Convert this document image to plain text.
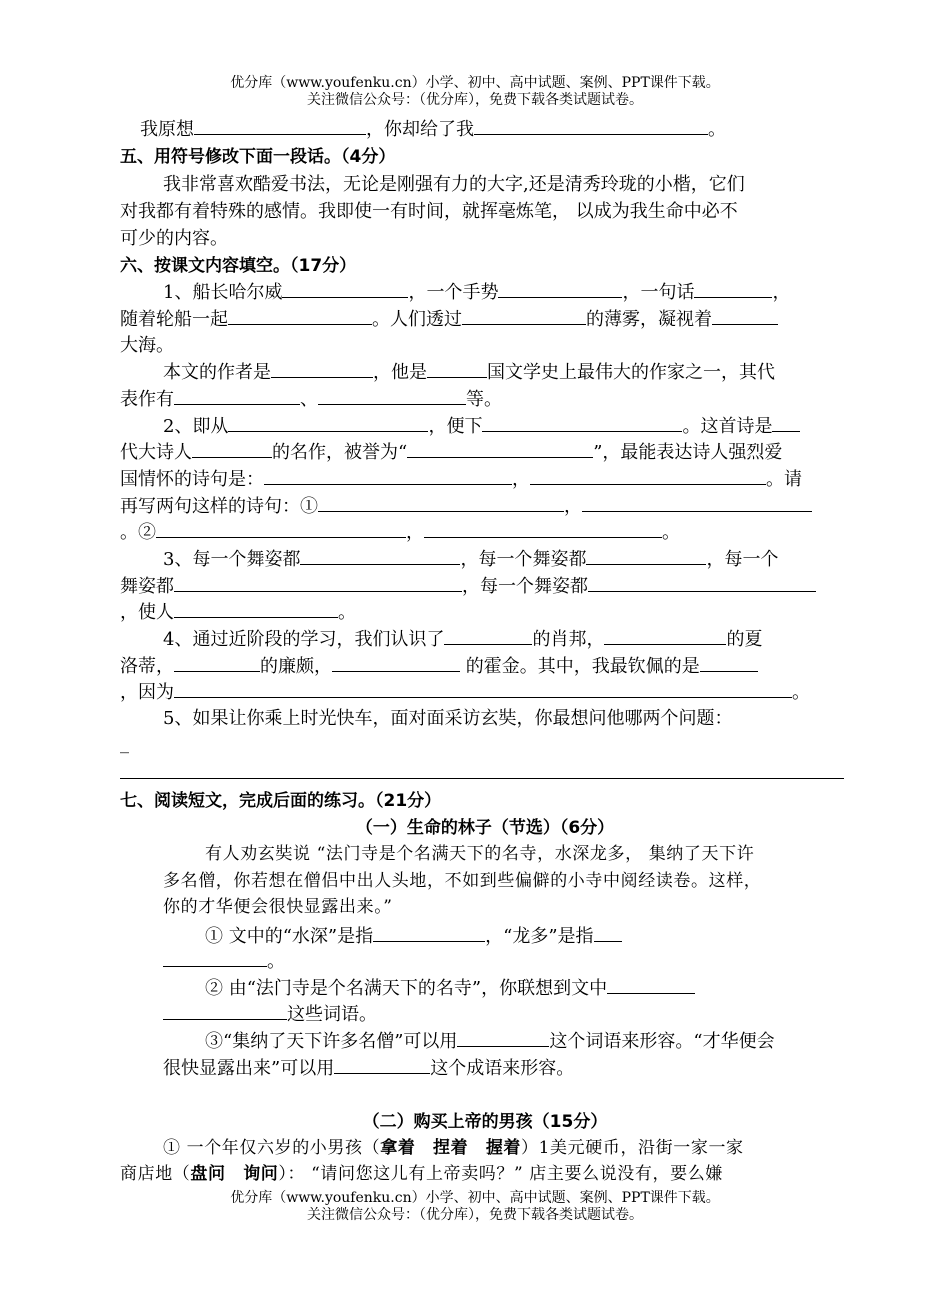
优分库（www.youfenku.cn）小学、初中、高中试题、案例、PPT课件下载。
关注微信公众号：（优分库），免费下载各类试题试卷。
我原想	，你却给了我	。
五、用符号修改下面一段话。（4分）
我非常喜欢酷爱书法，无论是刚强有力的大字,还是清秀玲珑的小楷，它们
对我都有着特殊的感情。我即使一有时间，就挥毫炼笔， 以成为我生命中必不
可少的内容。
六、按课文内容填空。（17分）
1、船长哈尔威	，一个手势	，一句话	，
随着轮船一起	。人们透过	的薄雾，凝视着
大海。
本文的作者是	，他是	国文学史上最伟大的作家之一，其代
表作有	、	等。
2、即从	，便下	。这首诗是
代大诗人	的名作，被誉为“	”，最能表达诗人强烈爱
国情怀的诗句是：	，	。请
再写两句这样的诗句：①	，
。②	，	。
3、每一个舞姿都	，每一个舞姿都	，每一个
舞姿都	，每一个舞姿都
，使人	。
4、通过近阶段的学习，我们认识了	的肖邦，	的夏
洛蒂，	的廉颇，	的霍金。其中，我最钦佩的是
，因为	。
5、如果让你乘上时光快车，面对面采访玄奘，你最想问他哪两个问题：
_
七、阅读短文，完成后面的练习。（21分）
（一）生命的林子（节选）（6分）
有人劝玄奘说 “法门寺是个名满天下的名寺，水深龙多， 集纳了天下许
多名僧，你若想在僧侣中出人头地，不如到些偏僻的小寺中阅经读卷。这样，
你的才华便会很快显露出来。”
① 文中的“水深”是指	，“龙多”是指
。
② 由“法门寺是个名满天下的名寺”，你联想到文中
这些词语。
③“集纳了天下许多名僧”可以用	这个词语来形容。“才华便会
很快显露出来”可以用	这个成语来形容。
（二）购买上帝的男孩（15分）
① 一个年仅六岁的小男孩（拿着　捏着　握着）1美元硬币，沿街一家一家
商店地（盘问　询问）： “请问您这儿有上帝卖吗？” 店主要么说没有，要么嫌
优分库（www.youfenku.cn）小学、初中、高中试题、案例、PPT课件下载。
关注微信公众号：（优分库），免费下载各类试题试卷。
